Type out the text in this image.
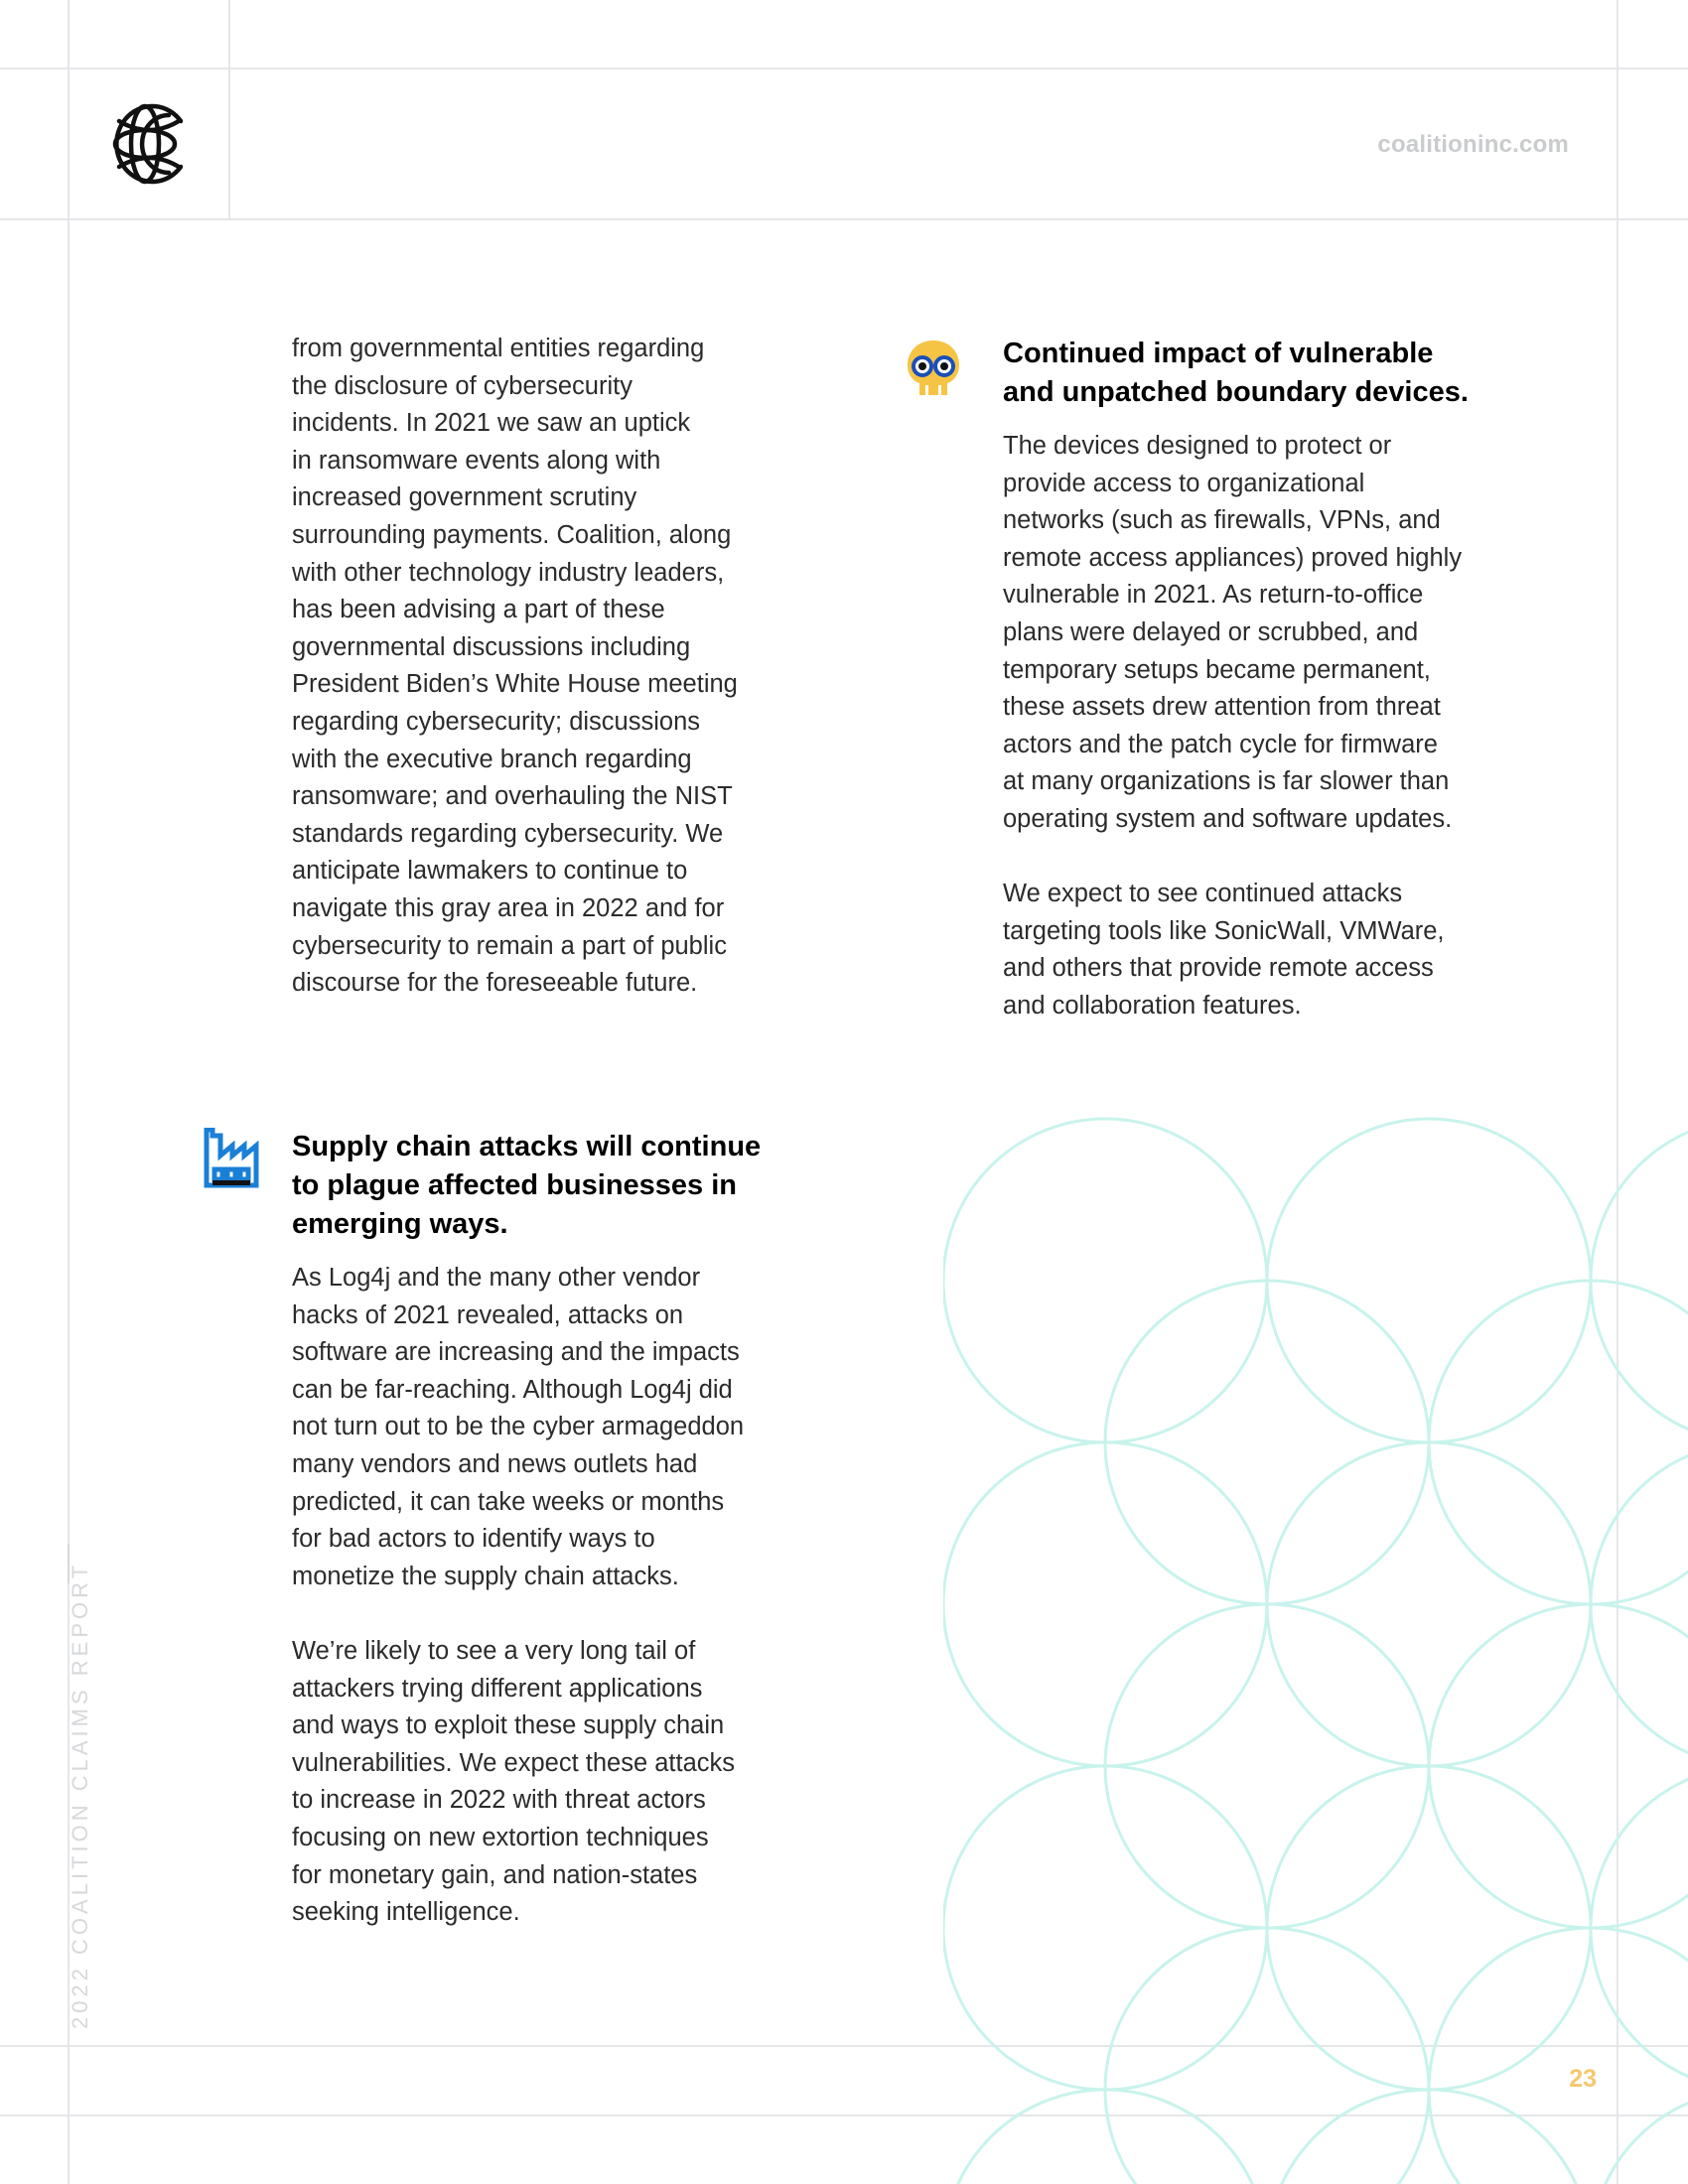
coalitioninc.com

from governmental entities regarding
the disclosure of cybersecurity
incidents. In 2021 we saw an uptick
in ransomware events along with
increased government scrutiny
surrounding payments. Coalition, along
with other technology industry leaders,
has been advising a part of these
governmental discussions including
President Biden’s White House meeting
regarding cybersecurity; discussions
with the executive branch regarding
ransomware; and overhauling the NIST
standards regarding cybersecurity. We
anticipate lawmakers to continue to
navigate this gray area in 2022 and for
cybersecurity to remain a part of public
discourse for the foreseeable future.

Supply chain attacks will continue
to plague affected businesses in
emerging ways.

As Log4j and the many other vendor
hacks of 2021 revealed, attacks on
software are increasing and the impacts
can be far-reaching. Although Log4j did
not turn out to be the cyber armageddon
many vendors and news outlets had
predicted, it can take weeks or months
for bad actors to identify ways to
monetize the supply chain attacks.

We’re likely to see a very long tail of
attackers trying different applications
and ways to exploit these supply chain
vulnerabilities. We expect these attacks
to increase in 2022 with threat actors
focusing on new extortion techniques
for monetary gain, and nation-states
seeking intelligence.

Continued impact of vulnerable
and unpatched boundary devices.

The devices designed to protect or
provide access to organizational
networks (such as firewalls, VPNs, and
remote access appliances) proved highly
vulnerable in 2021. As return-to-office
plans were delayed or scrubbed, and
temporary setups became permanent,
these assets drew attention from threat
actors and the patch cycle for firmware
at many organizations is far slower than
operating system and software updates.

We expect to see continued attacks
targeting tools like SonicWall, VMWare,
and others that provide remote access
and collaboration features.

2022 COALITION CLAIMS REPORT
23
